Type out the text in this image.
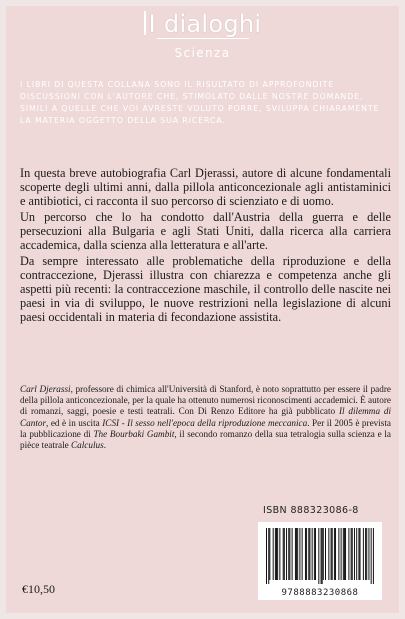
I dialoghi
Scienza
I LIBRI DI QUESTA COLLANA SONO IL RISULTATO DI APPROFONDITE DISCUSSIONI CON L'AUTORE CHE, STIMOLATO DALLE NOSTRE DOMANDE, SIMILI A QUELLE CHE VOI AVRESTE VOLUTO PORRE, SVILUPPA CHIARAMENTE LA MATERIA OGGETTO DELLA SUA RICERCA.

In questa breve autobiografia Carl Djerassi, autore di alcune fondamentali scoperte degli ultimi anni, dalla pillola anticoncezionale agli antistaminici e antibiotici, ci racconta il suo percorso di scienziato e di uomo.

Un percorso che lo ha condotto dall'Austria della guerra e delle persecuzioni alla Bulgaria e agli Stati Uniti, dalla ricerca alla carriera accademica, dalla scienza alla letteratura e all'arte.

Da sempre interessato alle problematiche della riproduzione e della contraccezione, Djerassi illustra con chiarezza e competenza anche gli aspetti più recenti: la contraccezione maschile, il controllo delle nascite nei paesi in via di sviluppo, le nuove restrizioni nella legislazione di alcuni paesi occidentali in materia di fecondazione assistita.

Carl Djerassi, professore di chimica all'Università di Stanford, è noto soprattutto per essere il padre della pillola anticoncezionale, per la quale ha ottenuto numerosi riconoscimenti accademici. È autore di romanzi, saggi, poesie e testi teatrali. Con Di Renzo Editore ha già pubblicato Il dilemma di Cantor, ed è in uscita ICSI - Il sesso nell'epoca della riproduzione meccanica. Per il 2005 è prevista la pubblicazione di The Bourbaki Gambit, il secondo romanzo della sua tetralogia sulla scienza e la pièce teatrale Calculus.

ISBN 888323086-8
9788883230868
€10,50
